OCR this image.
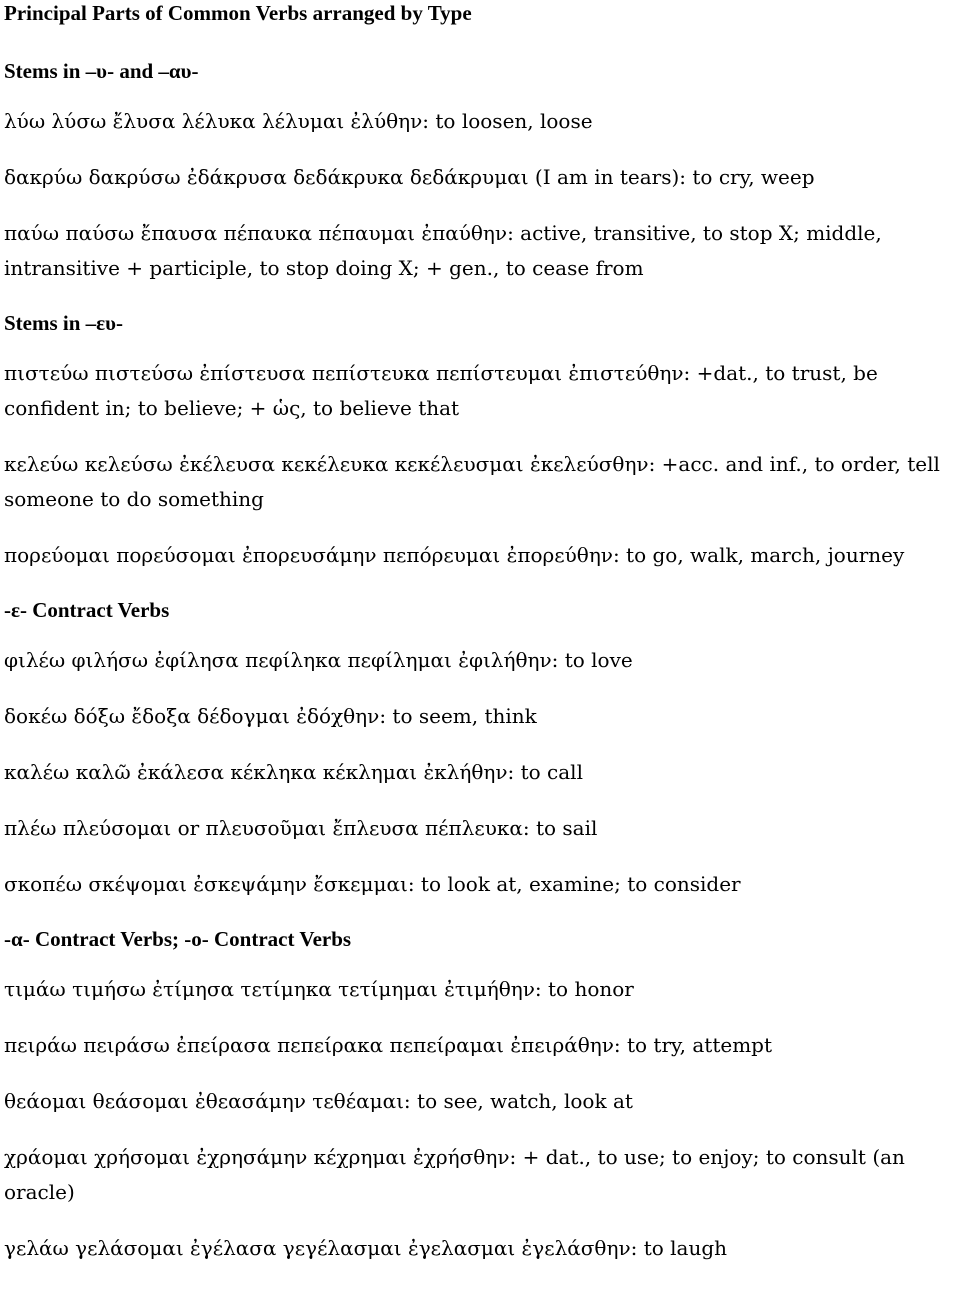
Principal Parts of Common Verbs arranged by Type
Stems in –υ- and –αυ-

λύω λύσω ἔλυσα λέλυκα λέλυμαι ἐλύθην: to loosen, loose

δακρύω δακρύσω ἐδάκρυσα δεδάκρυκα δεδάκρυμαι (I am in tears): to cry, weep

παύω παύσω ἔπαυσα πέπαυκα πέπαυμαι ἐπαύθην: active, transitive, to stop X; middle, intransitive + participle, to stop doing X; + gen., to cease from

Stems in –ευ-

πιστεύω πιστεύσω ἐπίστευσα πεπίστευκα πεπίστευμαι ἐπιστεύθην: +dat., to trust, be confident in; to believe; + ὡς, to believe that

κελεύω κελεύσω ἐκέλευσα κεκέλευκα κεκέλευσμαι ἐκελεύσθην: +acc. and inf., to order, tell someone to do something

πορεύομαι πορεύσομαι ἐπορευσάμην πεπόρευμαι ἐπορεύθην: to go, walk, march, journey

-ε- Contract Verbs

φιλέω φιλήσω ἐφίλησα πεφίληκα πεφίλημαι ἐφιλήθην: to love

δοκέω δόξω ἔδοξα δέδογμαι ἐδόχθην: to seem, think

καλέω καλῶ ἐκάλεσα κέκληκα κέκλημαι ἐκλήθην: to call

πλέω πλεύσομαι or πλευσοῦμαι ἔπλευσα πέπλευκα: to sail

σκοπέω σκέψομαι ἐσκεψάμην ἔσκεμμαι: to look at, examine; to consider

-α- Contract Verbs; -ο- Contract Verbs

τιμάω τιμήσω ἐτίμησα τετίμηκα τετίμημαι ἐτιμήθην: to honor

πειράω πειράσω ἐπείρασα πεπείρακα πεπείραμαι ἐπειράθην: to try, attempt

θεάομαι θεάσομαι ἐθεασάμην τεθέαμαι: to see, watch, look at

χράομαι χρήσομαι ἐχρησάμην κέχρημαι ἐχρήσθην: + dat., to use; to enjoy; to consult (an oracle)

γελάω γελάσομαι ἐγέλασα γεγέλασμαι ἐγελασμαι ἐγελάσθην: to laugh
